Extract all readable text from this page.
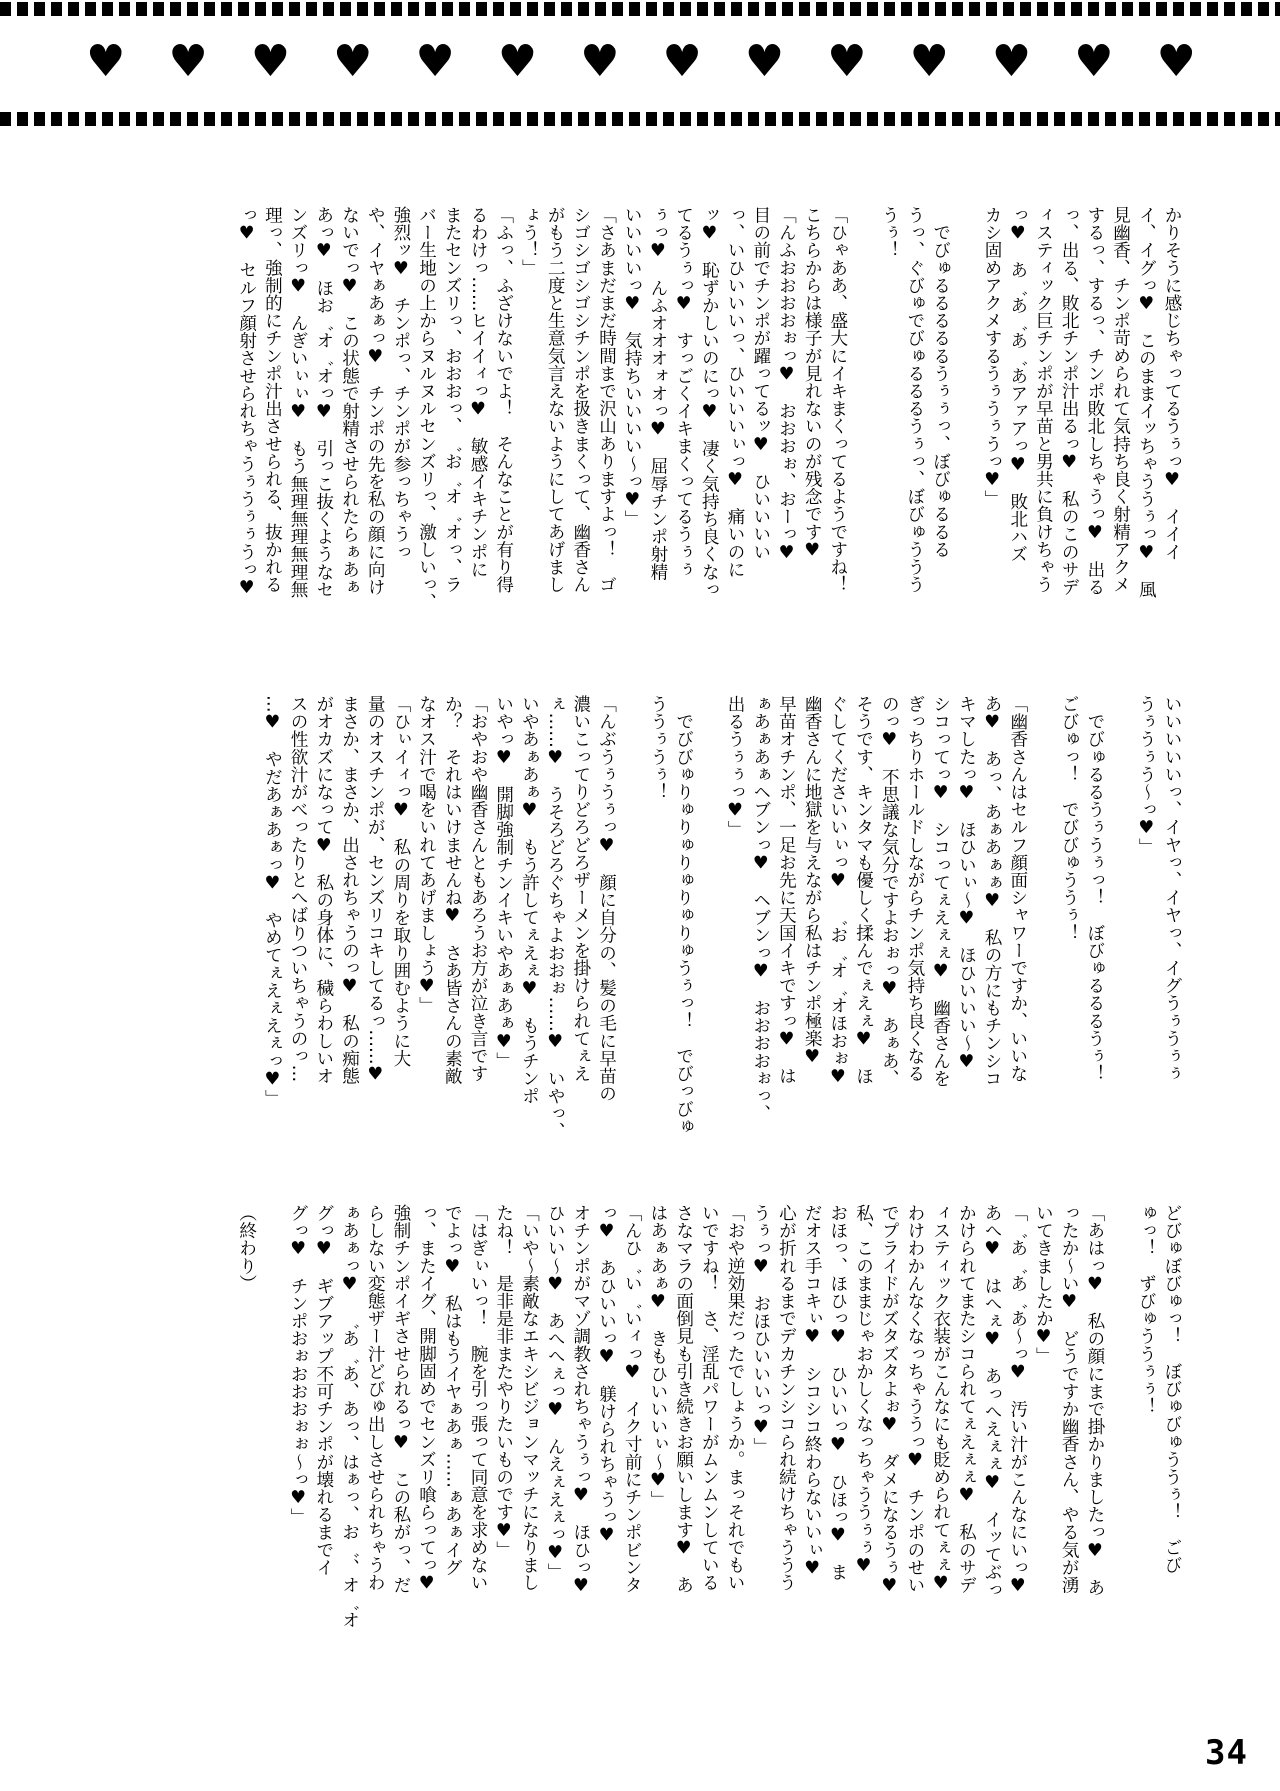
♥ ♥ ♥ ♥ ♥ ♥ ♥ ♥ ♥ ♥ ♥ ♥ ♥ ♥
かりそうに感じちゃってるうぅっ♥　イイイ
イ、イグっ♥　このままイッちゃううぅっ♥　風
見幽香、チンポ苛められて気持ち良く射精アクメ
するっ、するっ、チンポ敗北しちゃうっ♥　出る
っ、出る、敗北チンポ汁出るっ♥　私のこのサデ
ィスティック巨チンポが早苗と男共に負けちゃう
っ♥　あ゛あ゛あ゛あアァアっ♥　敗北ハズ
カシ固めアクメするうぅうぅうっ♥」

　でびゅるるるるるうぅぅっ、ぼびゅるるる
うっ、ぐびゅでびゅるるるうぅっ、ぼびゅううう
うぅ！

「ひゃああ、盛大にイキまくってるようですね！
こちらからは様子が見れないのが残念です♥
「んふおおおおぉっ♥　おおおぉ、おーっ♥
目の前でチンポが躍ってるッ♥　ひいいいい
っ、いひいいいっ、ひいいいぃっ♥　痛いのに
ッ♥　恥ずかしいのにっ♥　凄く気持ち良くなっ
てるうぅっ♥　すっごくイキまくってるうぅぅ
ぅっ♥　んふオオオォオっ♥　屈辱チンポ射精
いいいいっ♥　気持ちいいいい～っ♥」
「さあまだまだ時間まで沢山ありますよっ！　ゴ
シゴシゴシゴシチンポを扱きまくって、幽香さん
がもう二度と生意気言えないようにしてあげまし
ょう！」
「ふっ、ふざけないでよ！　そんなことが有り得
るわけっ……ヒイイィっ♥　敏感イキチンポに
またセンズリっ、おおおっ、゛お゛オ゛オっ、ラ
バー生地の上からヌルヌルセンズリっ、激しいっ、
強烈ッ♥　チンポっ、チンポが参っちゃうっ
や、イヤぁあぁっ♥　チンポの先を私の顔に向け
ないでっ♥　この状態で射精させられたらぁあぁ
あっ♥　ほお゛オ゛オっ♥　引っこ抜くようなセ
ンズリっ♥　んぎいぃぃ♥　もう無理無理無理無
理っ、強制的にチンポ汁出させられる、抜かれる
っ♥　セルフ顔射させられちゃうぅうぅぅうっ♥
いいいいいっ、イヤっ、イヤっ、イグうぅうぅぅ
うぅうぅう～っ♥」

　でびゅるるうぅうぅっ！　ぼびゅるるるうぅ！
ごびゅっ！　でびびゅううぅ！

「幽香さんはセルフ顔面シャワーですか、いいな
あ♥　あっ、あぁあぁぁ♥　私の方にもチンシコ
キマしたっ♥　ほひいぃ～♥　ほひいいい～♥
シコってっ♥　シコってぇえぇぇ♥　幽香さんを
ぎっちりホールドしながらチンポ気持ち良くなる
のっ♥　不思議な気分ですよおぉっ♥　あぁあ、
そうです、キンタマも優しく揉んでぇえぇ♥　ほ
ぐしてくださいいぃっ♥　゛お゛オ゛オほおぉ♥
幽香さんに地獄を与えながら私はチンポ極楽♥
早苗オチンポ、一足お先に天国イキですっ♥　は
ぁあぁあぁヘブンっ♥　ヘブンっ♥　おおおおぉっ、
出るうぅぅっ♥」

　でびびゅりゅりゅりゅりゅりゅうぅっ！　でびっびゅ
ううぅうぅ！

「んぶうぅうぅっ♥　顔に自分の、髪の毛に早苗の
濃いこってりどろどろザーメンを掛けられてぇえ
ぇ……♥　うそろどろぐちゃよおおぉ……♥　いやっ、
いやあぁあぁ♥　もう許してぇえぇ♥　もうチンポ
いやっ♥　開脚強制チンイキいやあぁあぁ♥」
「おやおや幽香さんともあろうお方が泣き言です
か？　それはいけませんね♥　さあ皆さんの素敵
なオス汁で喝をいれてあげましょう♥」
「ひぃイィっ♥　私の周りを取り囲むように大
量のオスチンポが、センズリコキしてるっ……♥
まさか、まさか、出されちゃうのっ♥　私の痴態
がオカズになって♥　私の身体に、穢らわしいオ
スの性欲汁がべったりとへばりついちゃうのっ…
…♥　やだあぁあぁっ♥　やめてぇえぇえぇっ♥」
どびゅぼびゅっ！　ぼびゅびゅううぅ！　ごび
ゅっ！　ずびゅううぅぅ！

「あはっ♥　私の顔にまで掛かりましたっ♥　あ
ったか～い♥　どうですか幽香さん、やる気が湧
いてきましたか♥」
「゛あ゛あ゛あ～っ♥　汚い汁がこんなにいっ♥
あへ♥　はへぇ♥　あっへえぇぇ♥　イッてぶっ
かけられてまたシコられてぇえぇぇ♥　私のサデ
ィスティック衣装がこんなにも貶められてぇぇ♥
わけわかんなくなっちゃううっ♥　チンポのせい
でプライドがズタズタよぉ♥　ダメになるうぅ♥
私、このままじゃおかしくなっちゃううぅぅ♥
おほっ、ほひっ♥　ひいいっ♥　ひほっ♥　ま
だオス手コキぃ♥　シコシコ終わらないいぃ♥　
心が折れるまでデカチンシコられ続けちゃううう
うぅっ♥　おほひいいいっ♥」
「おや逆効果だったでしょうか。まっそれでもい
いですね！　さ、淫乱パワーがムンムンしている
さなマラの面倒見も引き続きお願いします♥　あ
はあぁあぁ♥　きもひいいいぃ～♥」
「んひ゛い゛いィっ♥　イク寸前にチンポビンタ
っ♥　あひいいっ♥　躾けられちゃうっ♥
オチンポがマゾ調教されちゃうぅっ♥　ほひっ♥
ひいい～♥　あへへぇっ♥　んえぇえぇっ♥」
「いや～素敵なエキシビジョンマッチになりまし
たね！　是非是非またやりたいものです♥」
「はぎぃいっ！　腕を引っ張って同意を求めない
でよっ♥　私はもうイヤぁあぁ……ぁあぁイグ
っ、またイグ、開脚固めでセンズリ喰らってっ♥
強制チンポイギさせられるっ♥　この私がっ、だ
らしない変態ザー汁どびゅ出しさせられちゃうわ
ぁあぁっ♥　゛あ゛あ、あっ、はぁっ、お゛、オ゛オ
グっ♥　ギブアップ不可チンポが壊れるまでイ
グっ♥　チンポおぉおおおぉぉ～っ♥」

（終わり）
34
